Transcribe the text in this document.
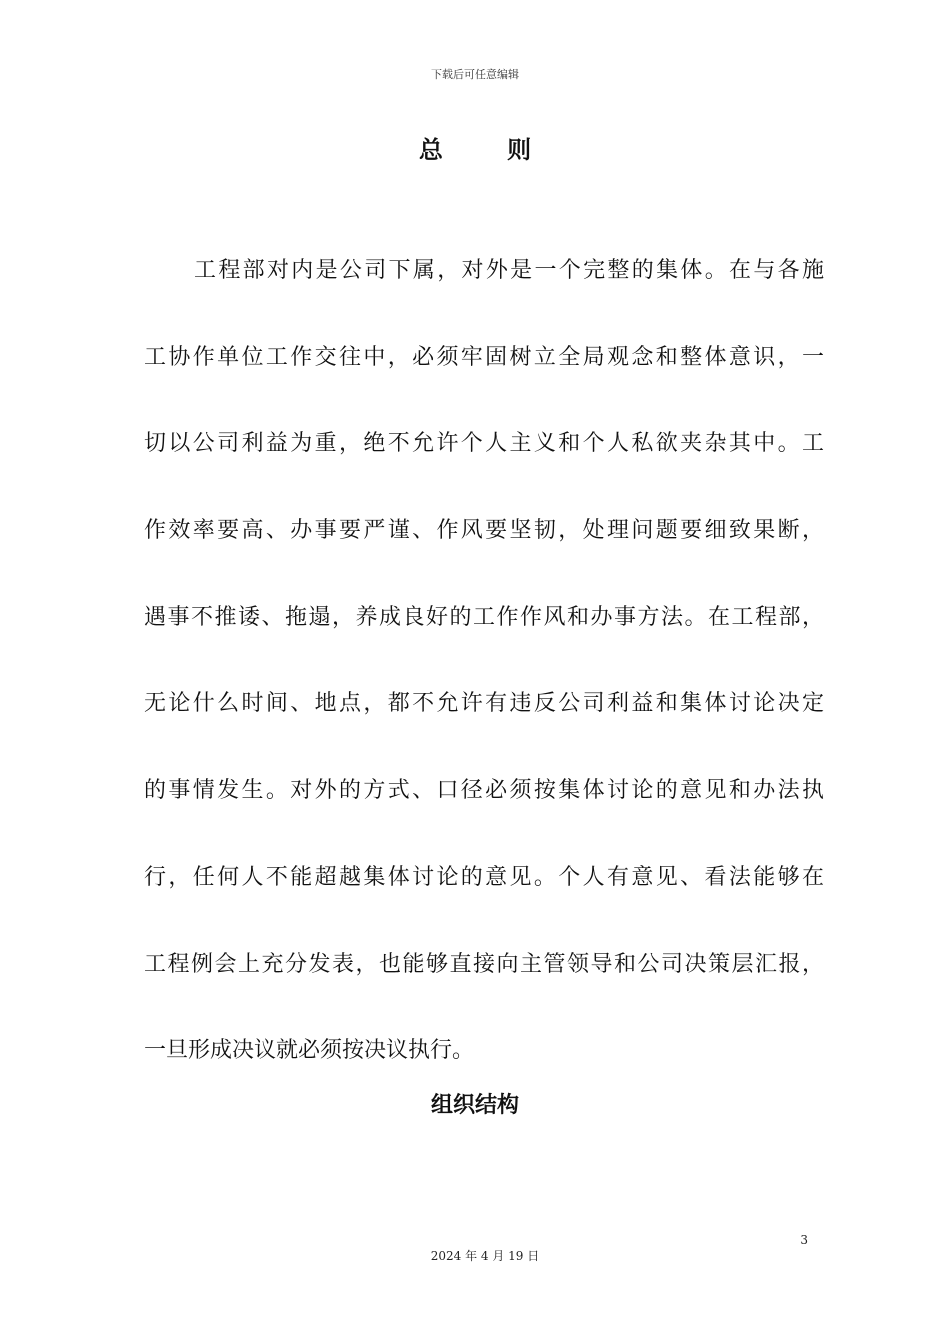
下载后可任意编辑
总 则
工程部对内是公司下属，对外是一个完整的集体。在与各施
工协作单位工作交往中，必须牢固树立全局观念和整体意识，一
切以公司利益为重，绝不允许个人主义和个人私欲夹杂其中。工
作效率要高、办事要严谨、作风要坚韧，处理问题要细致果断，
遇事不推诿、拖遢，养成良好的工作作风和办事方法。在工程部，
无论什么时间、地点，都不允许有违反公司利益和集体讨论决定
的事情发生。对外的方式、口径必须按集体讨论的意见和办法执
行，任何人不能超越集体讨论的意见。个人有意见、看法能够在
工程例会上充分发表，也能够直接向主管领导和公司决策层汇报，
一旦形成决议就必须按决议执行。
组织结构
3
2024 年 4 月 19 日
